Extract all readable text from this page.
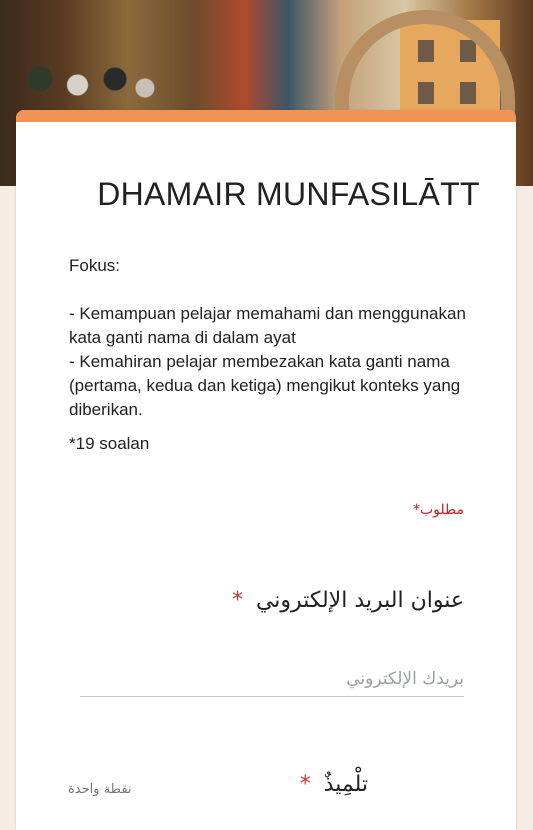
DHAMAIR MUNFASILĀTT

Fokus:

- Kemampuan pelajar memahami dan menggunakan kata ganti nama di dalam ayat

- Kemahiran pelajar membezakan kata ganti nama (pertama, kedua dan ketiga) mengikut konteks yang diberikan.

*19 soalan

*مطلوب
عنوان البريد الإلكتروني *
بريدك الإلكتروني
تلْمِيذٌ *
نقطة واحدة
